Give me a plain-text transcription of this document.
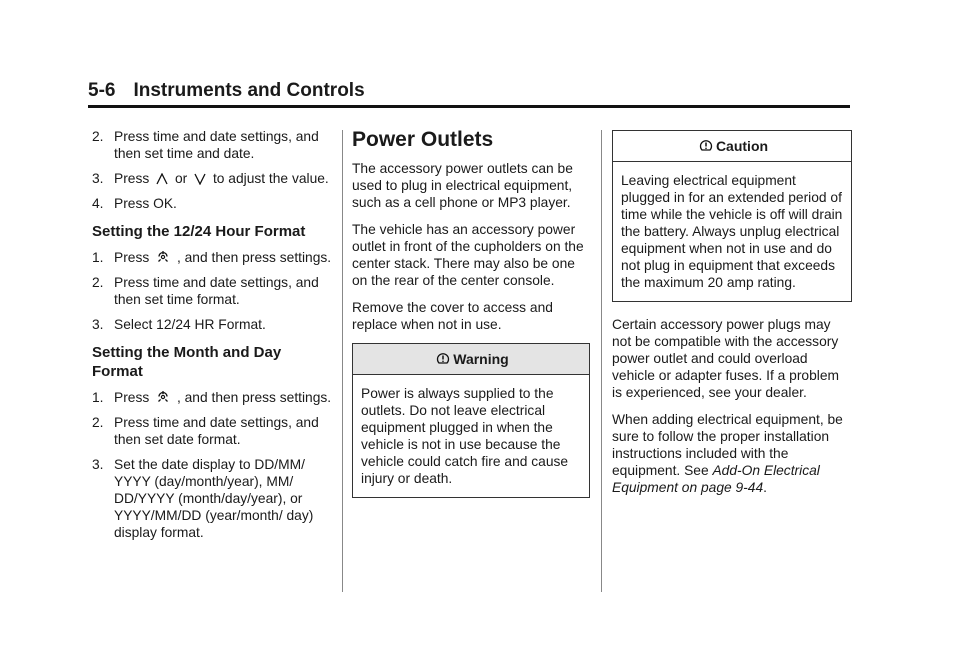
5-6 Instruments and Controls

2. Press time and date settings, and then set time and date.

3. Press or to adjust the value.

4. Press OK.

Setting the 12/24 Hour Format

1. Press , and then press settings.

2. Press time and date settings, and then set time format.

3. Select 12/24 HR Format.

Setting the Month and Day Format

1. Press , and then press settings.

2. Press time and date settings, and then set date format.

3. Set the date display to DD/MM/ YYYY (day/month/year), MM/ DD/YYYY (month/day/year), or YYYY/MM/DD (year/month/ day) display format.

Power Outlets

The accessory power outlets can be used to plug in electrical equipment, such as a cell phone or MP3 player.

The vehicle has an accessory power outlet in front of the cupholders on the center stack. There may also be one on the rear of the center console.

Remove the cover to access and replace when not in use.

Warning
Power is always supplied to the outlets. Do not leave electrical equipment plugged in when the vehicle is not in use because the vehicle could catch fire and cause injury or death.
Caution
Leaving electrical equipment plugged in for an extended period of time while the vehicle is off will drain the battery. Always unplug electrical equipment when not in use and do not plug in equipment that exceeds the maximum 20 amp rating.

Certain accessory power plugs may not be compatible with the accessory power outlet and could overload vehicle or adapter fuses. If a problem is experienced, see your dealer.

When adding electrical equipment, be sure to follow the proper installation instructions included with the equipment. See Add-On Electrical Equipment on page 9-44.
